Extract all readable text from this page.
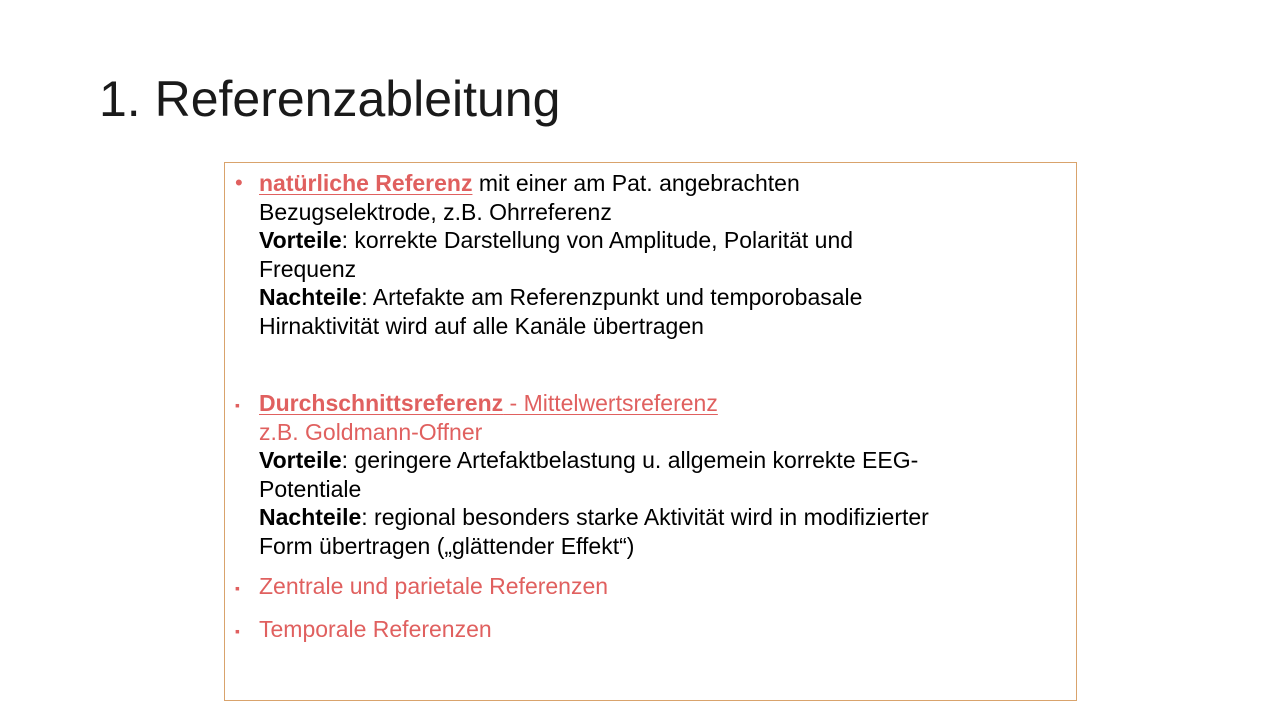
1. Referenzableitung
• natürliche Referenz mit einer am Pat. angebrachten
Bezugselektrode, z.B. Ohrreferenz
Vorteile: korrekte Darstellung von Amplitude, Polarität und
Frequenz
Nachteile: Artefakte am Referenzpunkt und temporobasale
Hirnaktivität wird auf alle Kanäle übertragen
▪ Durchschnittsreferenz - Mittelwertsreferenz
z.B. Goldmann-Offner
Vorteile: geringere Artefaktbelastung u. allgemein korrekte EEG-
Potentiale
Nachteile: regional besonders starke Aktivität wird in modifizierter
Form übertragen („glättender Effekt“)
▪ Zentrale und parietale Referenzen
▪ Temporale Referenzen
